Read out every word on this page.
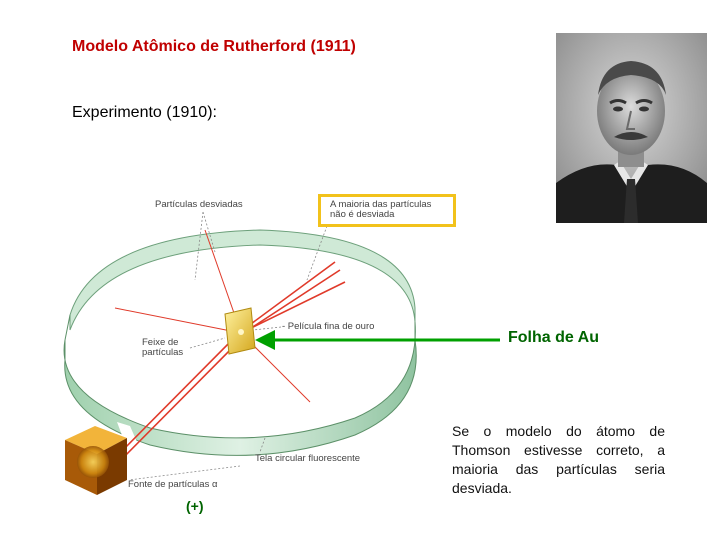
Modelo Atômico de Rutherford (1911)
Experimento (1910):
Partículas desviadas	A maioria das partículas
não é desviada
- Película fina de ouro
Feixe de
partículas
Tela circular fluorescente
Fonte de partículas α
Folha de Au
(+)
Se o modelo do átomo de Thomson estivesse correto, a maioria das partículas seria desviada.
